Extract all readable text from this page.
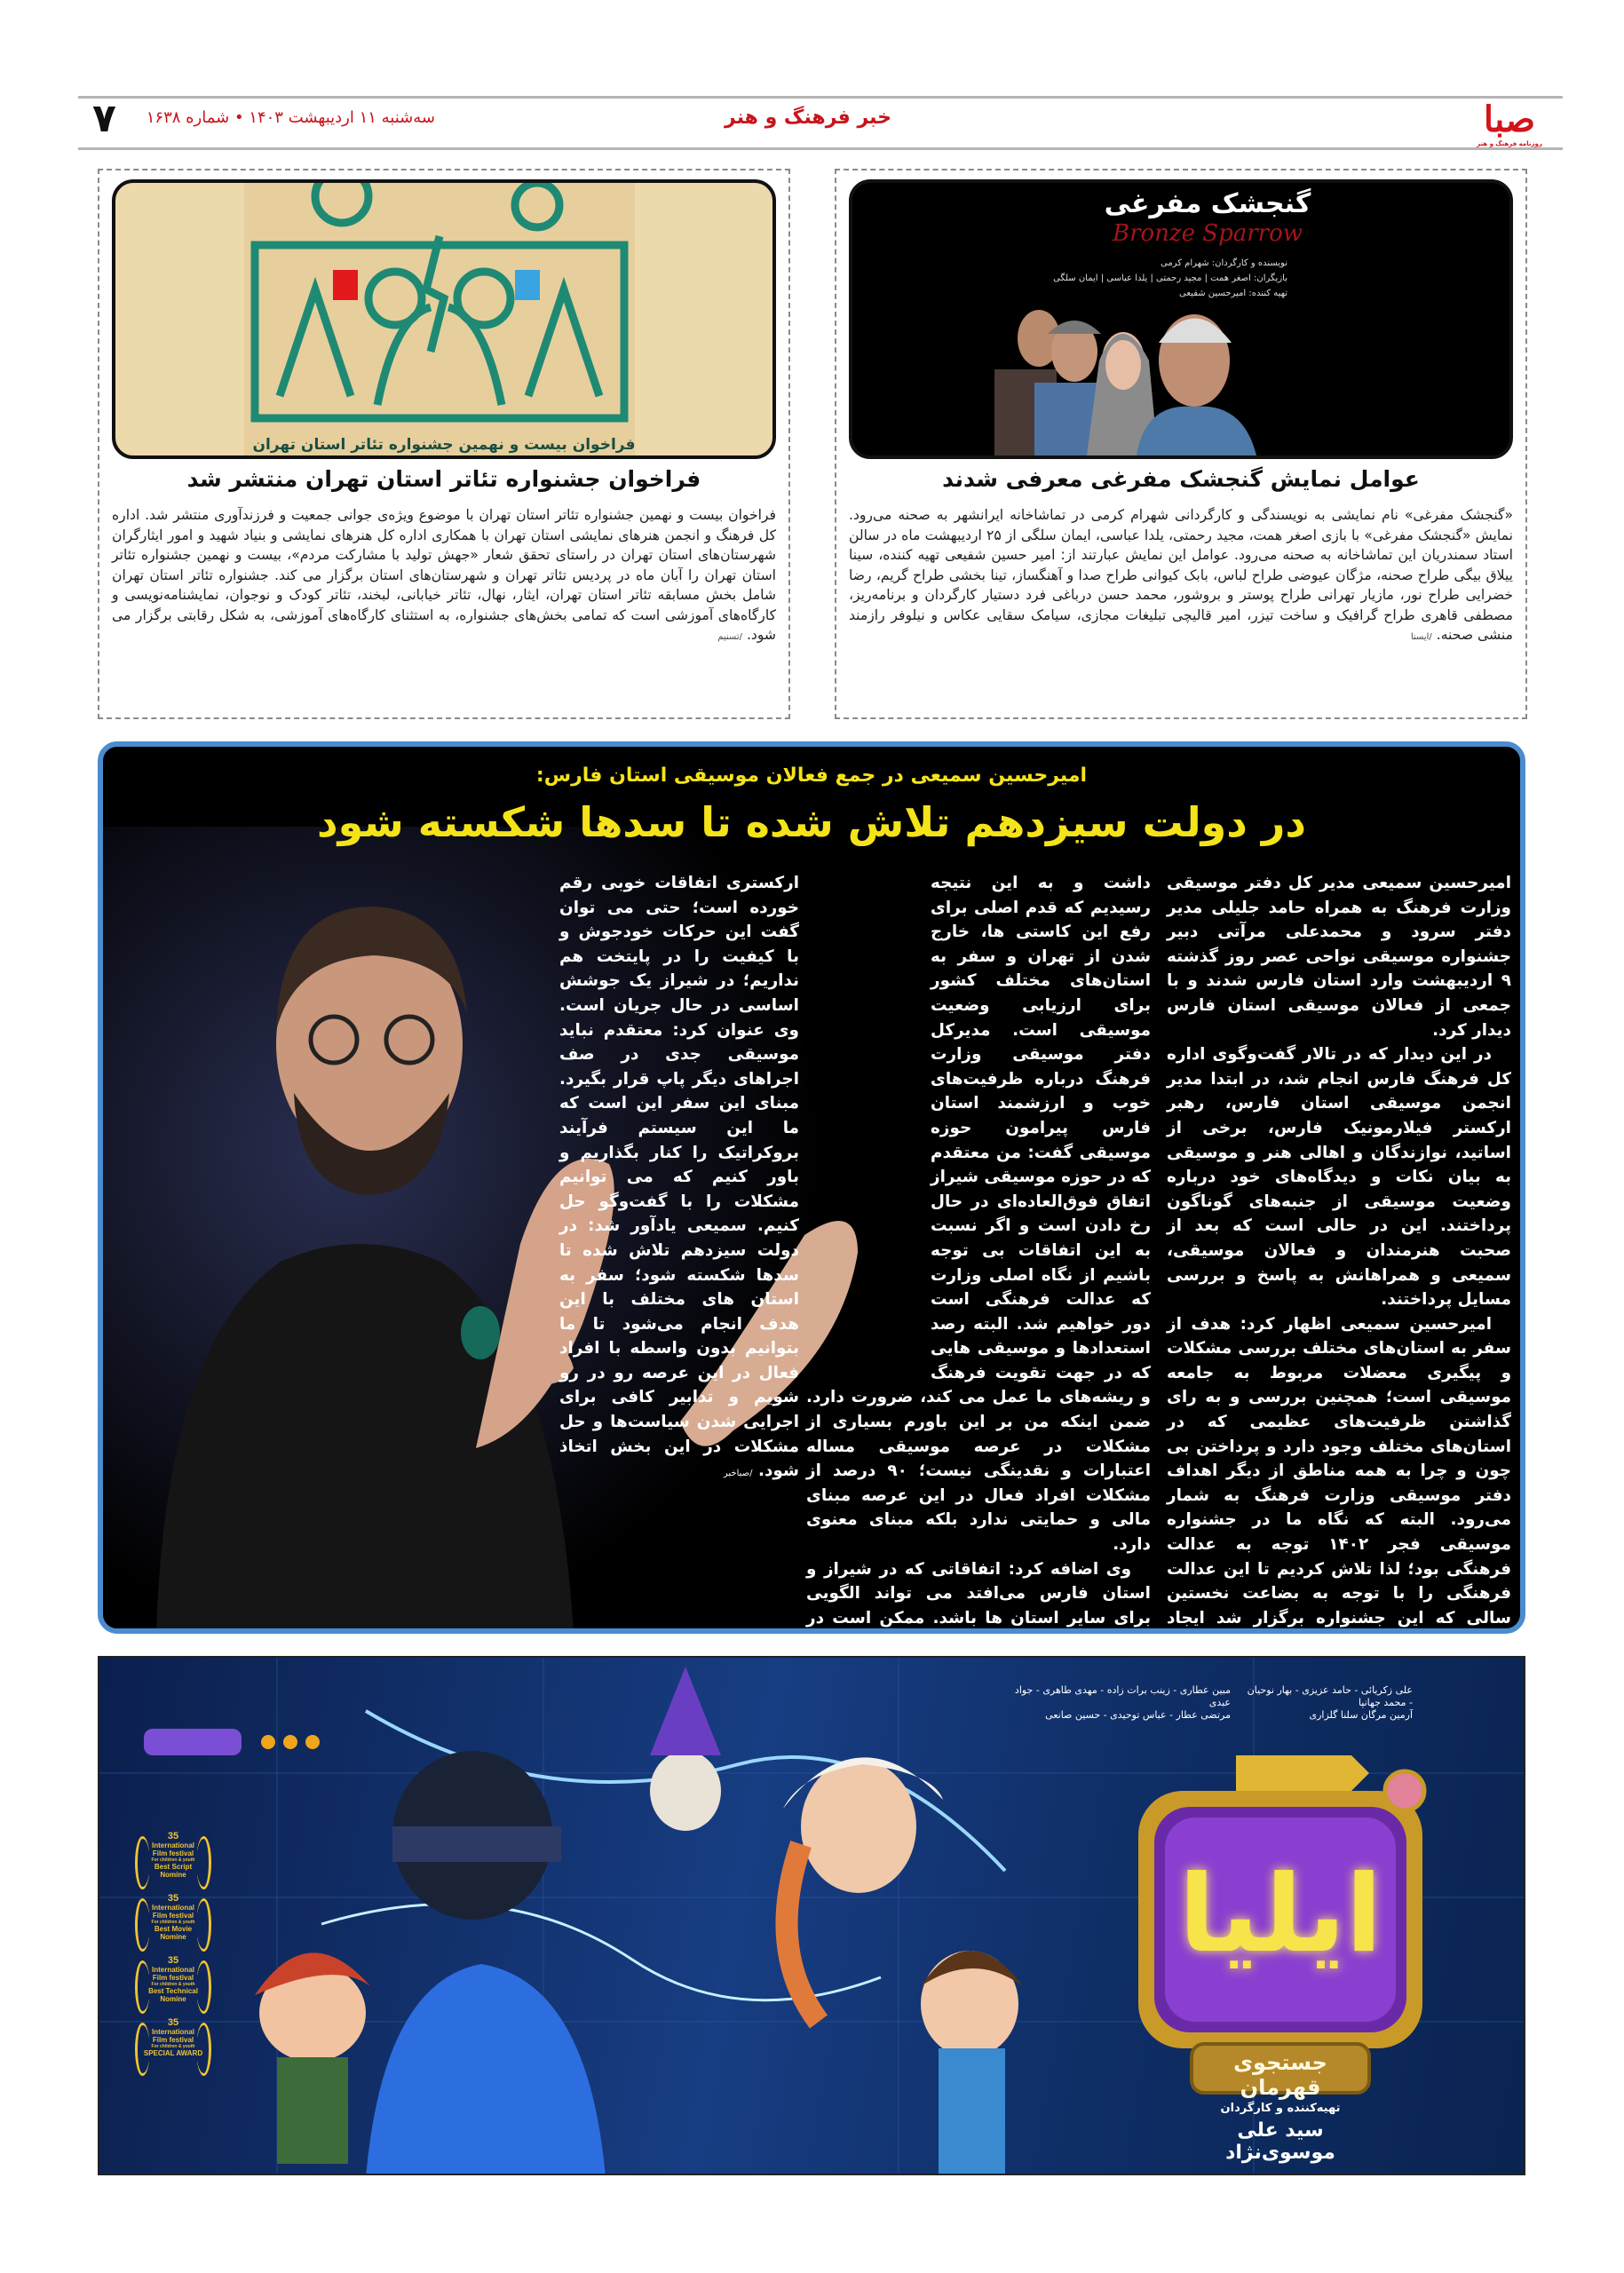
صبا
روزنامه فرهنگ و هنر
خبر فرهنگ و هنر
سه‌شنبه ۱۱ اردیبهشت ۱۴۰۳ • شماره ۱۶۳۸
۷
گنجشک مفرغی
Bronze Sparrow
نویسنده و کارگردان: شهرام کرمی
بازیگران: اصغر همت | مجید رحمتی | یلدا عباسی | ایمان سلگی
تهیه کننده: امیرحسین شفیعی
عوامل نمایش گنجشک مفرغی معرفی شدند

«گنجشک مفرغی» نام نمایشی به نویسندگی و کارگردانی شهرام کرمی در تماشاخانه ایرانشهر به صحنه می‌رود. نمایش «گنجشک مفرغی» با بازی اصغر همت، مجید رحمتی، یلدا عباسی، ایمان سلگی از ۲۵ اردیبهشت ماه در سالن استاد سمندریان این تماشاخانه به صحنه می‌رود. عوامل این نمایش عبارتند از: امیر حسین شفیعی تهیه کننده، سینا ییلاق بیگی طراح صحنه، مژگان عیوضی طراح لباس، بابک کیوانی طراح صدا و آهنگساز، تینا بخشی طراح گریم، رضا خضرایی طراح نور، مازیار تهرانی طراح پوستر و بروشور، محمد حسن درباغی فرد دستیار کارگردان و برنامه‌ریز، مصطفی قاهری طراح گرافیک و ساخت تیزر، امیر قالیچی تبلیغات مجازی، سیامک سقایی عکاس و نیلوفر رازمند منشی صحنه. /ایسنا

فراخوان بیست و نهمین جشنواره تئاتر استان تهران
فراخوان جشنواره تئاتر استان تهران منتشر شد

فراخوان بیست و نهمین جشنواره تئاتر استان تهران با موضوع ویژه‌ی جوانی جمعیت و فرزندآوری منتشر شد. اداره کل فرهنگ و انجمن هنرهای نمایشی استان تهران با همکاری اداره کل هنرهای نمایشی و بنیاد شهید و امور ایثارگران شهرستان‌های استان تهران در راستای تحقق شعار «جهش تولید با مشارکت مردم»، بیست و نهمین جشنواره تئاتر استان تهران را آبان ماه در پردیس تئاتر تهران و شهرستان‌های استان برگزار می کند. جشنواره تئاتر استان تهران شامل بخش مسابقه تئاتر استان تهران، ایثار، نهال، تئاتر خیابانی، لبخند، تئاتر کودک و نوجوان، نمایشنامه‌نویسی و کارگاه‌های آموزشی است که تمامی بخش‌های جشنواره، به استثنای کارگاه‌های آموزشی، به شکل رقابتی برگزار می شود. /تسنیم

امیرحسین سمیعی در جمع فعالان موسیقی استان فارس:
در دولت سیزدهم تلاش شده تا سدها شکسته شود

امیرحسین سمیعی مدیر کل دفتر موسیقی وزارت فرهنگ به همراه حامد جلیلی مدیر دفتر سرود و محمدعلی مرآتی دبیر جشنواره موسیقی نواحی عصر روز گذشته ۹ اردیبهشت وارد استان فارس شدند و با جمعی از فعالان موسیقی استان فارس دیدار کرد.

در این دیدار که در تالار گفت‌وگوی اداره کل فرهنگ فارس انجام شد، در ابتدا مدیر انجمن موسیقی استان فارس، رهبر ارکستر فیلارمونیک فارس، برخی از اساتید، نوازندگان و اهالی هنر و موسیقی به بیان نکات و دیدگاه‌های خود درباره وضعیت موسیقی از جنبه‌های گوناگون پرداختند. این در حالی است که بعد از صحبت هنرمندان و فعالان موسیقی، سمیعی و همراهانش به پاسخ و بررسی مسایل پرداختند.

امیرحسین سمیعی اظهار کرد: هدف از سفر به استان‌های مختلف بررسی مشکلات و پیگیری معضلات مربوط به جامعه موسیقی است؛ همچنین بررسی و به رای گذاشتن ظرفیت‌های عظیمی که در استان‌های مختلف وجود دارد و پرداختن بی چون و چرا به همه مناطق از دیگر اهداف دفتر موسیقی وزارت فرهنگ به شمار می‌رود. البته که نگاه ما در جشنواره موسیقی فجر ۱۴۰۲ توجه به عدالت فرهنگی بود؛ لذا تلاش کردیم تا این عدالت فرهنگی را با توجه به بضاعت نخستین سالی که این جشنواره برگزار شد ایجاد

داشت و به این نتیجه رسیدیم که قدم اصلی برای رفع این کاستی ها، خارج شدن از تهران و سفر به استان‌های مختلف کشور برای ارزیابی وضعیت موسیقی است. مدیرکل دفتر موسیقی وزارت فرهنگ درباره ظرفیت‌های خوب و ارزشمند استان فارس پیرامون حوزه موسیقی گفت: من معتقدم که در حوزه موسیقی شیراز اتفاق فوق‌العاده‌ای در حال رخ دادن است و اگر نسبت به این اتفاقات بی توجه باشیم از نگاه اصلی وزارت که عدالت فرهنگی است دور خواهیم شد. البته رصد استعدادها و موسیقی هایی که در جهت تقویت فرهنگ و ریشه‌های ما عمل می کند، ضرورت دارد. ضمن اینکه من بر این باورم بسیاری از مشکلات در عرصه موسیقی مساله اعتبارات و نقدینگی نیست؛ ۹۰ درصد از مشکلات افراد فعال در این عرصه مبنای مالی و حمایتی ندارد بلکه مبنای معنوی دارد.

وی اضافه کرد: اتفاقاتی که در شیراز و استان فارس می‌افتد می تواند الگویی برای سایر استان ها باشد. ممکن است در

ارکستری اتفاقات خوبی رقم خورده است؛ حتی می توان گفت این حرکات خودجوش و با کیفیت را در پایتخت هم نداریم؛ در شیراز یک جوشش اساسی در حال جریان است. وی عنوان کرد: معتقدم نباید موسیقی جدی در صف اجراهای دیگر پاپ قرار بگیرد. مبنای این سفر این است که ما این سیستم فرآیند بروکراتیک را کنار بگذاریم و باور کنیم که می توانیم مشکلات را با گفت‌وگو حل کنیم. سمیعی یادآور شد: در دولت سیزدهم تلاش شده تا سدها شکسته شود؛ سفر به استان های مختلف با این هدف انجام می‌شود تا ما بتوانیم بدون واسطه با افراد فعال در این عرصه رو در رو شویم و تدابیر کافی برای اجرایی شدن سیاست‌ها و حل مشکلات در این بخش اتخاذ شود. /صباخبر

ایلیا
جستجوی قهرمان
تهیه‌کننده و کارگردان
سید علی موسوی‌نژاد
علی زکریائی - حامد عزیزی - بهار نوحیان - محمد جهانپا
آرمین مرگان سلنا گلزاری
مبین عطاری - زینب برات زاده - مهدی طاهری - جواد عبدی
مرتضی عطار - عباس توحیدی - حسین صانعی
35
International
Film festival
For children & youth
Best Script Nomine
35
International
Film festival
For children & youth
Best Movie Nomine
35
International
Film festival
For children & youth
Best Technical Nomine
35
International
Film festival
For children & youth
SPECIAL AWARD
